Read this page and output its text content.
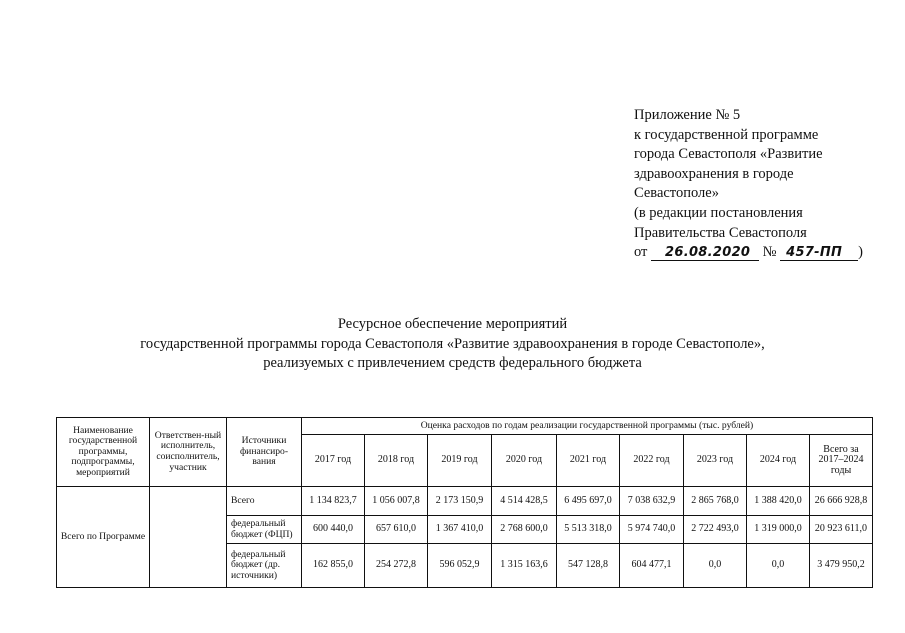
Приложение № 5
к государственной программе
города Севастополя «Развитие
здравоохранения в городе
Севастополе»
(в редакции постановления
Правительства Севастополя
от 26.08.2020 № 457-ПП )
Ресурсное обеспечение мероприятий
государственной программы города Севастополя «Развитие здравоохранения в городе Севастополе»,
реализуемых с привлечением средств федерального бюджета
Наименование государственной программы, подпрограммы, мероприятий	Ответствен-ный исполнитель, соисполнитель, участник	Источники финансиро-вания	Оценка расходов по годам реализации государственной программы (тыс. рублей)								
			2017 год	2018 год	2019 год	2020 год	2021 год	2022 год	2023 год	2024 год	Всего за 2017–2024 годы
Всего по Программе		Всего	1 134 823,7	1 056 007,8	2 173 150,9	4 514 428,5	6 495 697,0	7 038 632,9	2 865 768,0	1 388 420,0	26 666 928,8
		федеральный бюджет (ФЦП)	600 440,0	657 610,0	1 367 410,0	2 768 600,0	5 513 318,0	5 974 740,0	2 722 493,0	1 319 000,0	20 923 611,0
		федеральный бюджет (др. источники)	162 855,0	254 272,8	596 052,9	1 315 163,6	547 128,8	604 477,1	0,0	0,0	3 479 950,2
